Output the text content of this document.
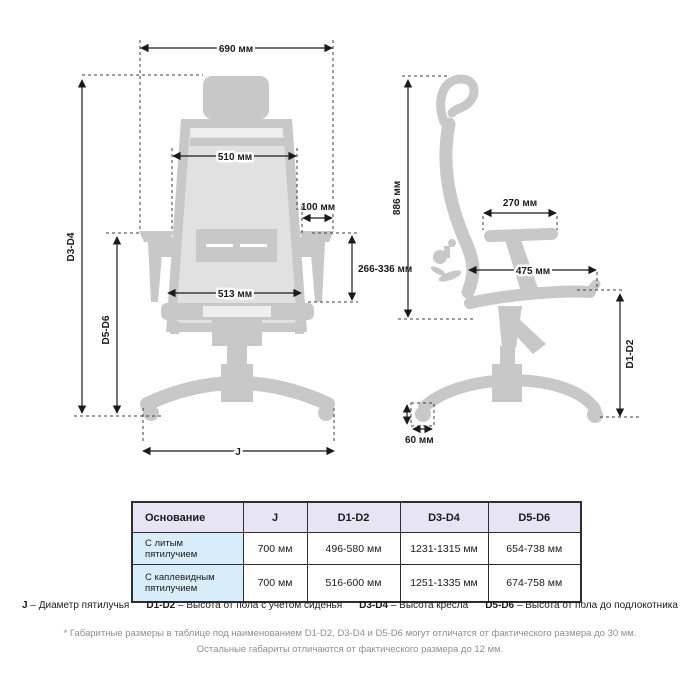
690 мм
D3-D4
D5-D6
510 мм
100 мм
266-336 мм
513 мм
J
886 мм	270 мм
475 мм
D1-D2
60 мм
Основание	J	D1-D2	D3-D4	D5-D6
С литым пятилучием	700 мм	496-580 мм	1231-1315 мм	654-738 мм
С каплевидным пятилучием	700 мм	516-600 мм	1251-1335 мм	674-758 мм
J – Диаметр пятилучья D1-D2 – Высота от пола с учетом сиденья D3-D4 – Высота кресла D5-D6 – Высота от пола до подлокотника
* Габаритные размеры в таблице под наименованием D1-D2, D3-D4 и D5-D6 могут отличатся от фактического размера до 30 мм.
Остальные габариты отличаются от фактического размера до 12 мм.
